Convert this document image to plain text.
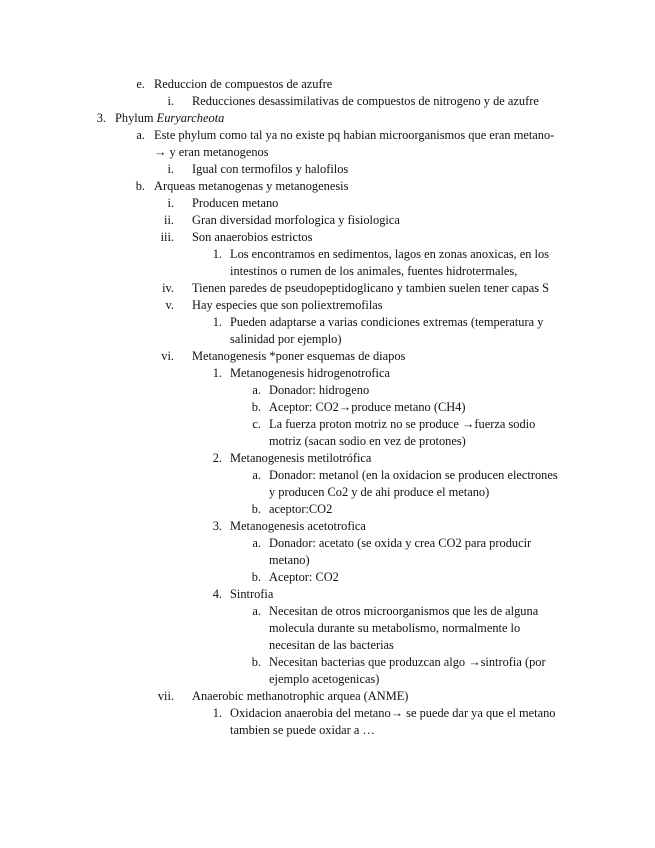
e. Reduccion de compuestos de azufre
i. Reducciones desassimilativas de compuestos de nitrogeno y de azufre
3. Phylum Euryarcheota
a. Este phylum como tal ya no existe pq habian microorganismos que eran metano-
→ y eran metanogenos
i. Igual con termofilos y halofilos
b. Arqueas metanogenas y metanogenesis
i. Producen metano
ii. Gran diversidad morfologica y fisiologica
iii. Son anaerobios estrictos
1. Los encontramos en sedimentos, lagos en zonas anoxicas, en los
intestinos o rumen de los animales, fuentes hidrotermales,
iv. Tienen paredes de pseudopeptidoglicano y tambien suelen tener capas S
v. Hay especies que son poliextremofilas
1. Pueden adaptarse a varias condiciones extremas (temperatura y
salinidad por ejemplo)
vi. Metanogenesis *poner esquemas de diapos
1. Metanogenesis hidrogenotrofica
a. Donador: hidrogeno
b. Aceptor: CO2→produce metano (CH4)
c. La fuerza proton motriz no se produce →fuerza sodio
motriz (sacan sodio en vez de protones)
2. Metanogenesis metilotrófica
a. Donador: metanol (en la oxidacion se producen electrones
y producen Co2 y de ahi produce el metano)
b. aceptor:CO2
3. Metanogenesis acetotrofica
a. Donador: acetato (se oxida y crea CO2 para producir
metano)
b. Aceptor: CO2
4. Sintrofia
a. Necesitan de otros microorganismos que les de alguna
molecula durante su metabolismo, normalmente lo
necesitan de las bacterias
b. Necesitan bacterias que produzcan algo →sintrofia (por
ejemplo acetogenicas)
vii. Anaerobic methanotrophic arquea (ANME)
1. Oxidacion anaerobia del metano→ se puede dar ya que el metano
tambien se puede oxidar a …
